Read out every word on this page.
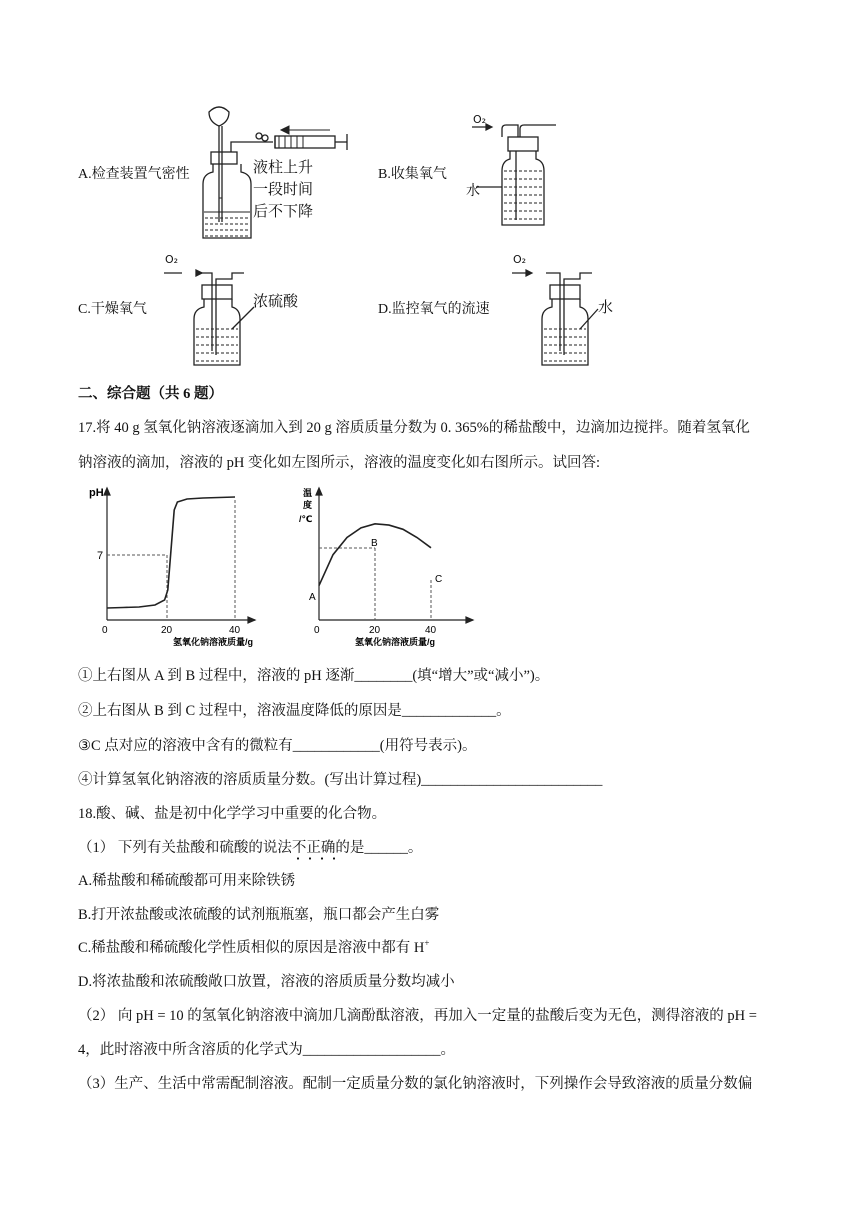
A.检查装置气密性	B.收集氧气
C.干燥氧气	D.监控氧气的流速
液柱上升
一段时间
后不下降
O₂
水
O₂
浓硫酸
O₂
水
二、综合题（共 6 题）
17.将 40 g 氢氧化钠溶液逐滴加入到 20 g 溶质质量分数为 0. 365%的稀盐酸中，边滴加边搅拌。随着氢氧化
钠溶液的滴加，溶液的 pH 变化如左图所示，溶液的温度变化如右图所示。试回答:
pH
7
0	20	40
氢氧化钠溶液质量/g
温
度
/℃
A
B
C
0	20	40
氢氧化钠溶液质量/g
①上右图从 A 到 B 过程中，溶液的 pH 逐渐________(填“增大”或“减小”)。
②上右图从 B 到 C 过程中，溶液温度降低的原因是_____________。
③C 点对应的溶液中含有的微粒有____________(用符号表示)。
④计算氢氧化钠溶液的溶质质量分数。(写出计算过程)_________________________
18.酸、碱、盐是初中化学学习中重要的化合物。
（1） 下列有关盐酸和硫酸的说法不正确的是______。
A.稀盐酸和稀硫酸都可用来除铁锈
B.打开浓盐酸或浓硫酸的试剂瓶瓶塞，瓶口都会产生白雾
C.稀盐酸和稀硫酸化学性质相似的原因是溶液中都有 H+
D.将浓盐酸和浓硫酸敞口放置，溶液的溶质质量分数均减小
（2） 向 pH = 10 的氢氧化钠溶液中滴加几滴酚酞溶液，再加入一定量的盐酸后变为无色，测得溶液的 pH =
4，此时溶液中所含溶质的化学式为___________________。
（3）生产、生活中常需配制溶液。配制一定质量分数的氯化钠溶液时，下列操作会导致溶液的质量分数偏
